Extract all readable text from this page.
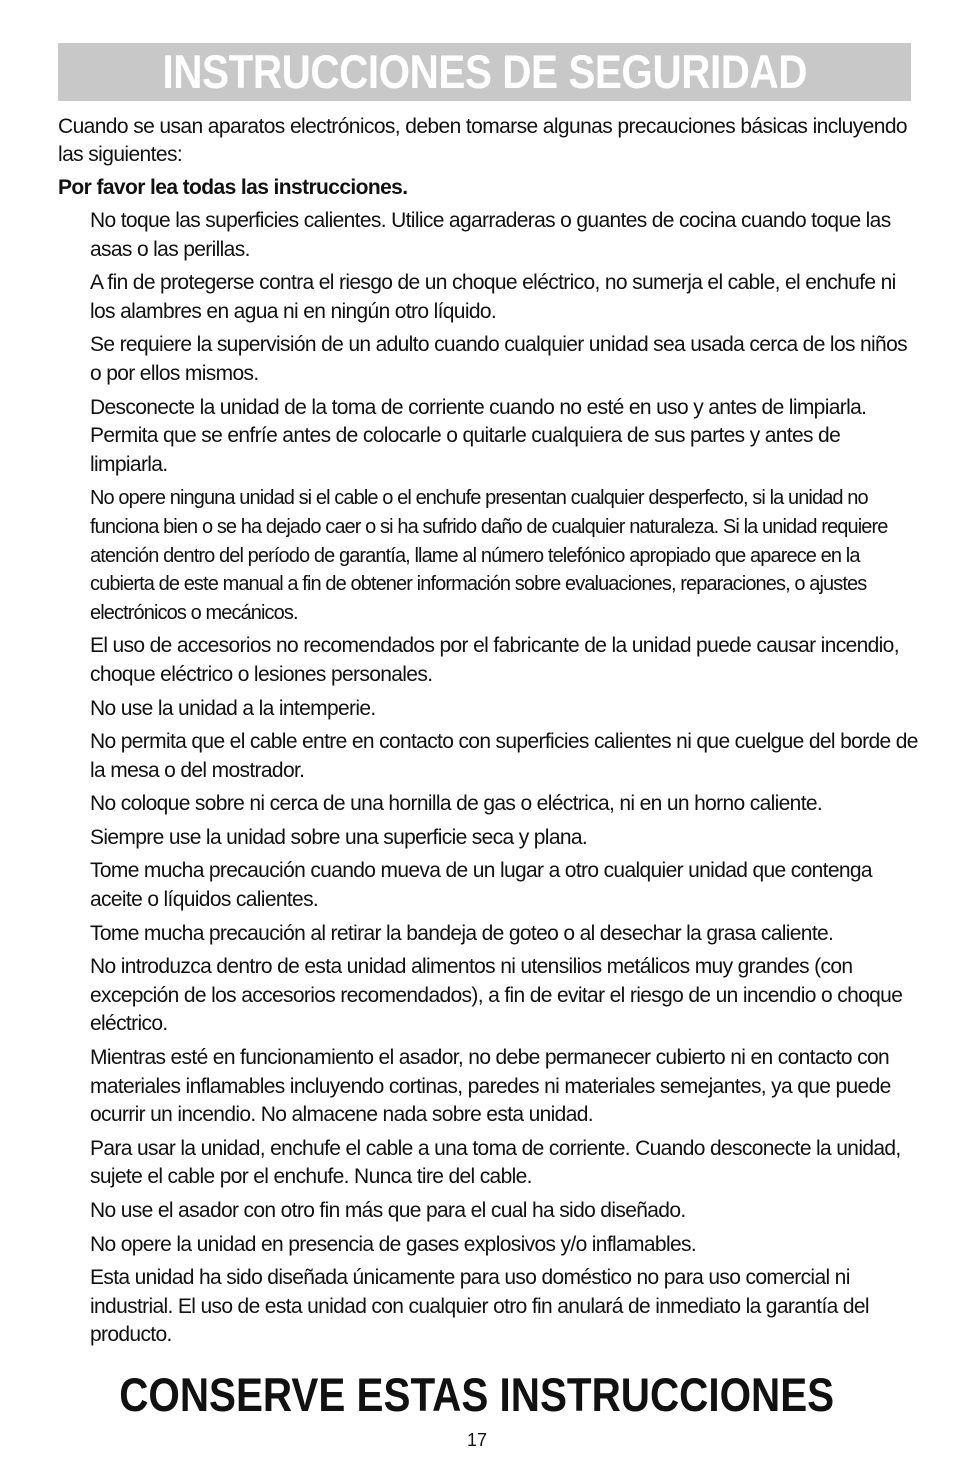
INSTRUCCIONES DE SEGURIDAD

Cuando se usan aparatos electrónicos, deben tomarse algunas precauciones básicas incluyendo las siguientes:

Por favor lea todas las instrucciones.

No toque las superficies calientes. Utilice agarraderas o guantes de cocina cuando toque las asas o las perillas.
A fin de protegerse contra el riesgo de un choque eléctrico, no sumerja el cable, el enchufe ni los alambres en agua ni en ningún otro líquido.
Se requiere la supervisión de un adulto cuando cualquier unidad sea usada cerca de los niños o por ellos mismos.
Desconecte la unidad de la toma de corriente cuando no esté en uso y antes de limpiarla. Permita que se enfríe antes de colocarle o quitarle cualquiera de sus partes y antes de limpiarla.
No opere ninguna unidad si el cable o el enchufe presentan cualquier desperfecto, si la unidad no funciona bien o se ha dejado caer o si ha sufrido daño de cualquier naturaleza. Si la unidad requiere atención dentro del período de garantía, llame al número telefónico apropiado que aparece en la cubierta de este manual a fin de obtener información sobre evaluaciones, reparaciones, o ajustes electrónicos o mecánicos.
El uso de accesorios no recomendados por el fabricante de la unidad puede causar incendio, choque eléctrico o lesiones personales.
No use la unidad a la intemperie.
No permita que el cable entre en contacto con superficies calientes ni que cuelgue del borde de la mesa o del mostrador.
No coloque sobre ni cerca de una hornilla de gas o eléctrica, ni en un horno caliente.
Siempre use la unidad sobre una superficie seca y plana.
Tome mucha precaución cuando mueva de un lugar a otro cualquier unidad que contenga aceite o líquidos calientes.
Tome mucha precaución al retirar la bandeja de goteo o al desechar la grasa caliente.
No introduzca dentro de esta unidad alimentos ni utensilios metálicos muy grandes (con excepción de los accesorios recomendados), a fin de evitar el riesgo de un incendio o choque eléctrico.
Mientras esté en funcionamiento el asador, no debe permanecer cubierto ni en contacto con materiales inflamables incluyendo cortinas, paredes ni materiales semejantes, ya que puede ocurrir un incendio. No almacene nada sobre esta unidad.
Para usar la unidad, enchufe el cable a una toma de corriente. Cuando desconecte la unidad, sujete el cable por el enchufe. Nunca tire del cable.
No use el asador con otro fin más que para el cual ha sido diseñado.
No opere la unidad en presencia de gases explosivos y/o inflamables.
Esta unidad ha sido diseñada únicamente para uso doméstico no para uso comercial ni industrial. El uso de esta unidad con cualquier otro fin anulará de inmediato la garantía del producto.
CONSERVE ESTAS INSTRUCCIONES
17
